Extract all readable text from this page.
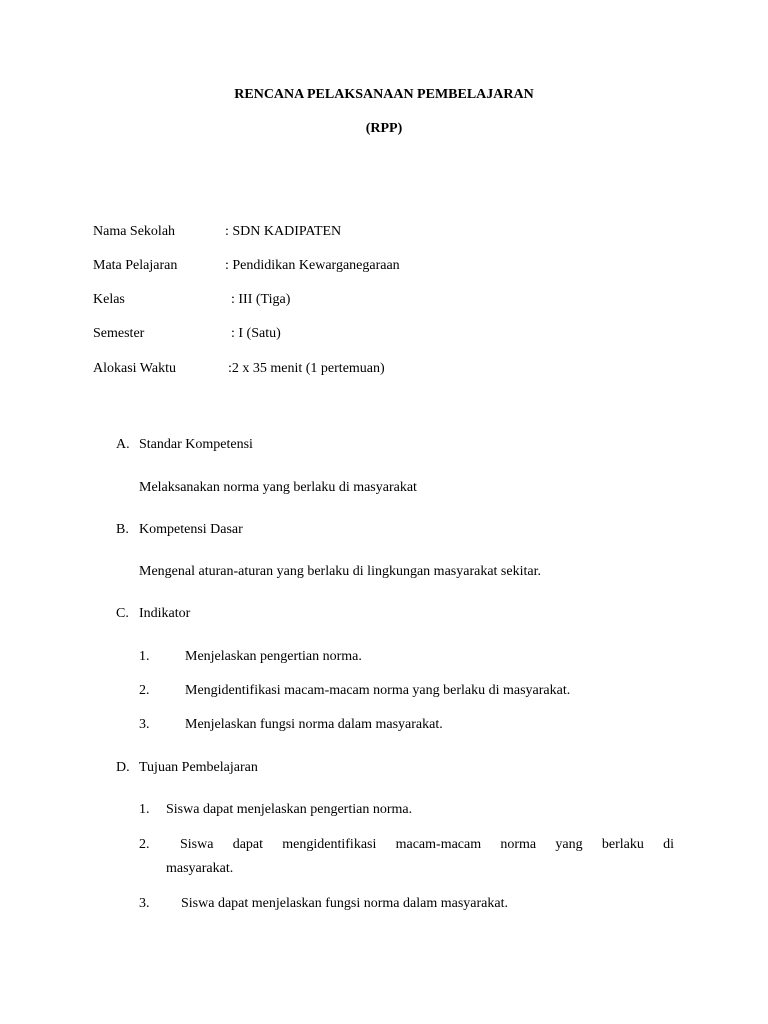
RENCANA PELAKSANAAN PEMBELAJARAN
(RPP)
Nama Sekolah	: SDN KADIPATEN
Mata Pelajaran	: Pendidikan Kewarganegaraan
Kelas	: III (Tiga)
Semester	: I (Satu)
Alokasi Waktu	:2 x 35 menit (1 pertemuan)
A. Standar Kompetensi
Melaksanakan norma yang berlaku di masyarakat
B. Kompetensi Dasar
Mengenal aturan-aturan yang berlaku di lingkungan masyarakat sekitar.
C. Indikator
1.	Menjelaskan pengertian norma.
2.	Mengidentifikasi macam-macam norma yang berlaku di masyarakat.
3.	Menjelaskan fungsi norma dalam masyarakat.
D. Tujuan Pembelajaran
1. Siswa dapat menjelaskan pengertian norma.
2. Siswa dapat mengidentifikasi macam-macam norma yang berlaku di
masyarakat.
3. Siswa dapat menjelaskan fungsi norma dalam masyarakat.
